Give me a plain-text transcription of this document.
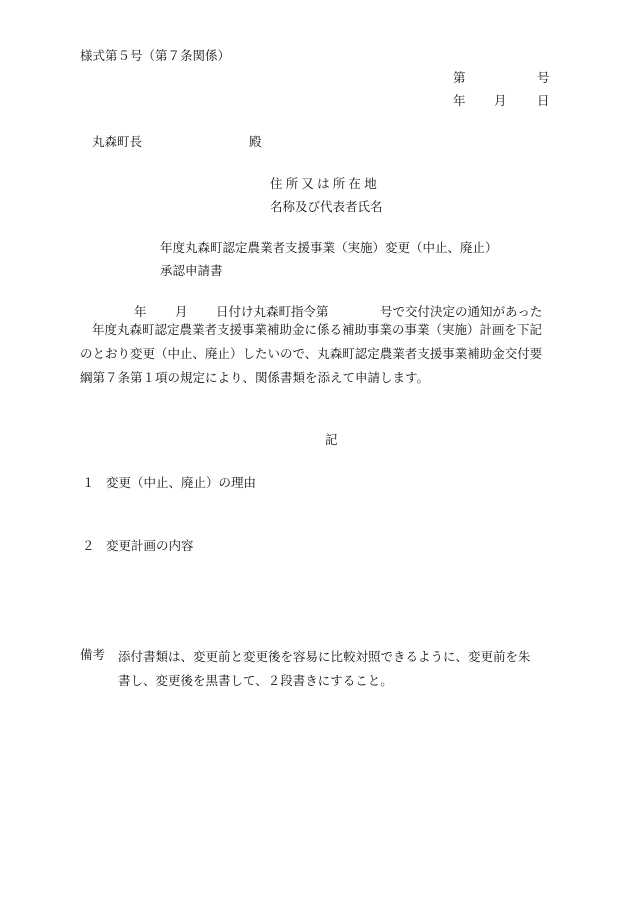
様式第５号（第７条関係）
第	号
年 月 日
丸森町長	殿
住所又は所在地
名称及び代表者氏名
年度丸森町認定農業者支援事業（実施）変更（中止、廃止）
承認申請書
年 月 日付け丸森町指令第	号で交付決定の通知があった
年度丸森町認定農業者支援事業補助金に係る補助事業の事業（実施）計画を下記
のとおり変更（中止、廃止）したいので、丸森町認定農業者支援事業補助金交付要
綱第７条第１項の規定により、関係書類を添えて申請します。
記
１ 変更（中止、廃止）の理由
２ 変更計画の内容
備考 添付書類は、変更前と変更後を容易に比較対照できるように、変更前を朱
書し、変更後を黒書して、２段書きにすること。
